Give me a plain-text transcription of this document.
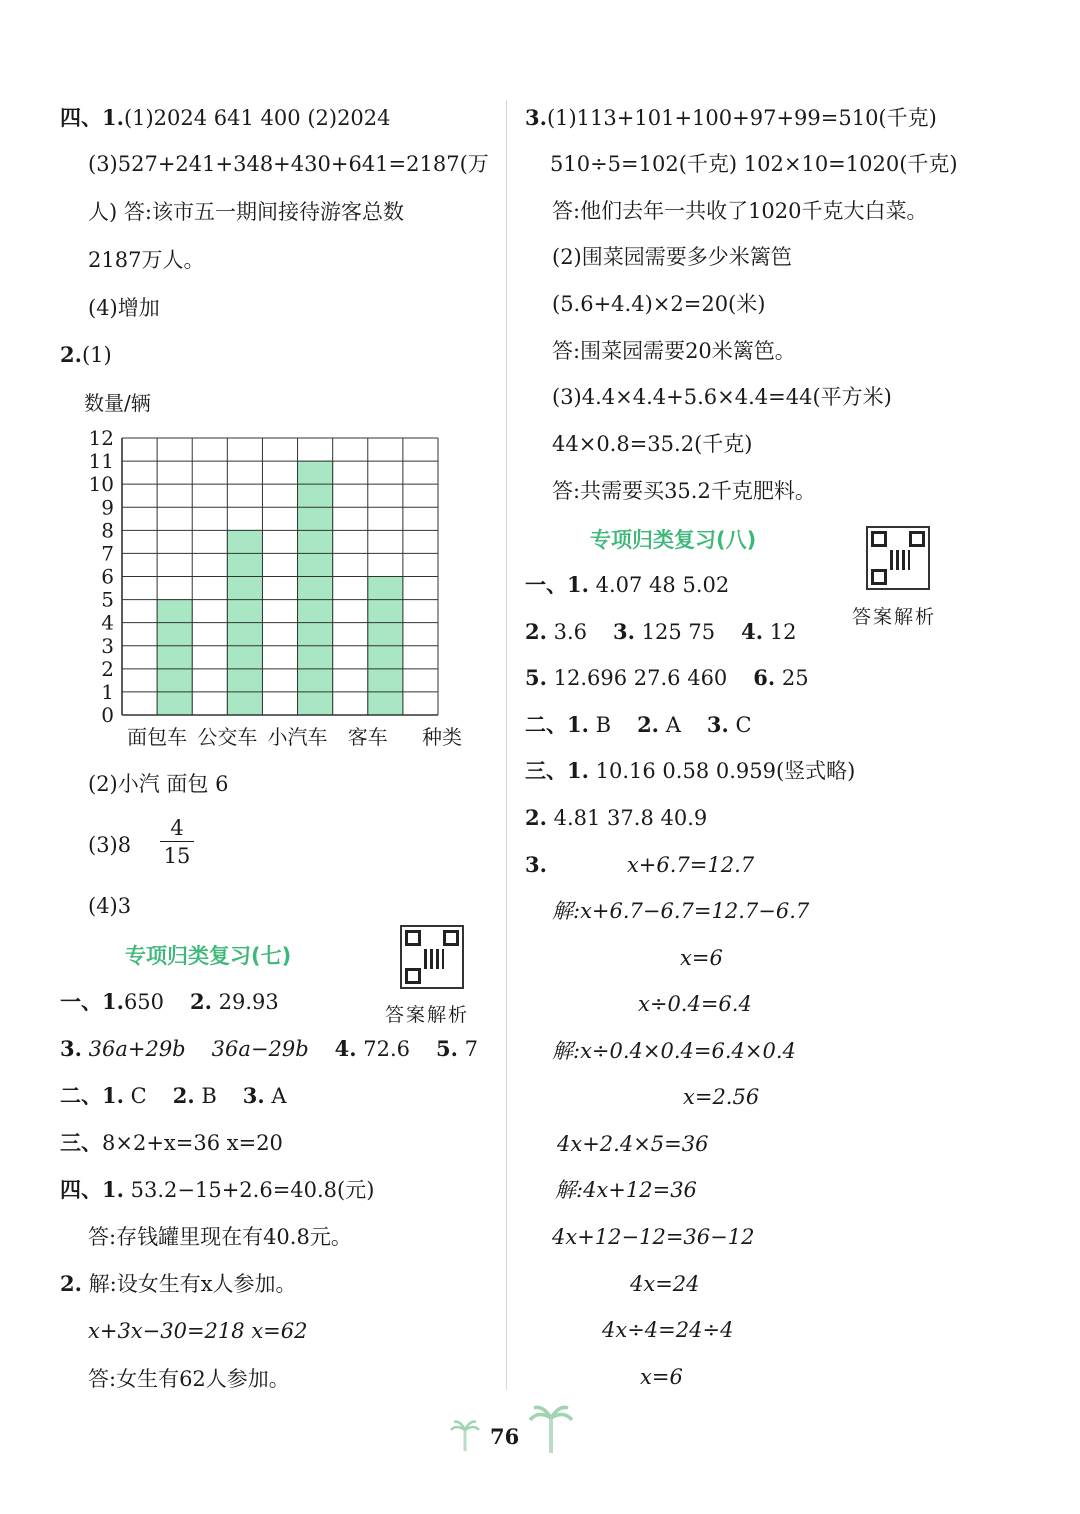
四、1.(1)2024 641 400 (2)2024
(3)527+241+348+430+641=2187(万
人) 答:该市五一期间接待游客总数
2187万人。
(4)增加
2.(1)
数量/辆
0
1
2
3
4
5
6
7
8
9
10
11
12
面包车 公交车 小汽车 客车 种类
(2)小汽 面包 6
$(3)8 \frac{4}{15}$
(4)3
专项归类复习(七)
答案解析
一、1.650 2. 29.93
3. 36a+29b 36a−29b 4. 72.6 5. 7
二、1. C 2. B 3. A
三、8×2+x=36 x=20
四、1. 53.2−15+2.6=40.8(元)
答:存钱罐里现在有40.8元。
2. 解:设女生有x人参加。
x+3x−30=218 x=62
答:女生有62人参加。
3.(1)113+101+100+97+99=510(千克)
510÷5=102(千克) 102×10=1020(千克)
答:他们去年一共收了1020千克大白菜。
(2)围菜园需要多少米篱笆
(5.6+4.4)×2=20(米)
答:围菜园需要20米篱笆。
(3)4.4×4.4+5.6×4.4=44(平方米)
44×0.8=35.2(千克)
答:共需要买35.2千克肥料。
专项归类复习(八)
答案解析
一、1. 4.07 48 5.02
2. 3.6 3. 125 75 4. 12
5. 12.696 27.6 460 6. 25
二、1. B 2. A 3. C
三、1. 10.16 0.58 0.959(竖式略)
2. 4.81 37.8 40.9
3.	x+6.7=12.7
解:x+6.7−6.7=12.7−6.7
x=6
x÷0.4=6.4
解:x÷0.4×0.4=6.4×0.4
x=2.56
4x+2.4×5=36
解:4x+12=36
4x+12−12=36−12
4x=24
4x÷4=24÷4
x=6
76
